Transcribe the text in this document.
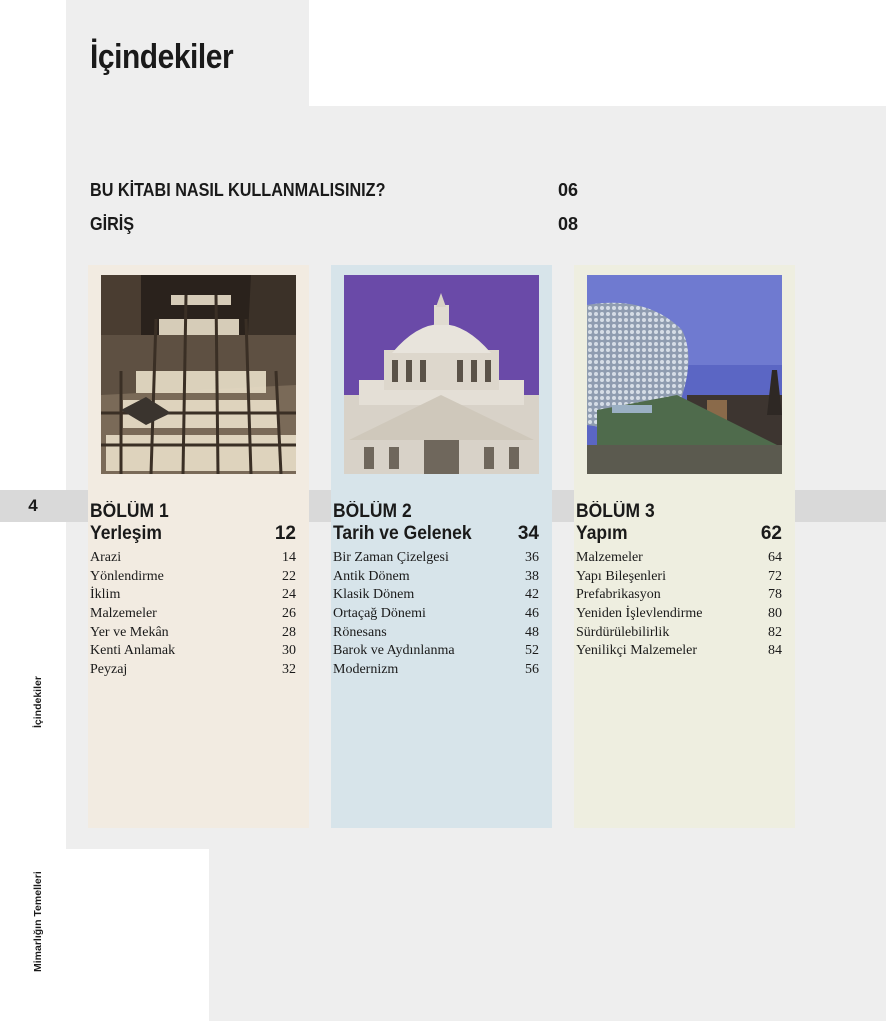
İçindekiler
BU KİTABI NASIL KULLANMALISINIZ?	06
GİRİŞ	08
4
İçindekiler
Mimarlığın Temelleri
BÖLÜM 1
Yerleşim	12
Arazi	14
Yönlendirme	22
İklim	24
Malzemeler	26
Yer ve Mekân	28
Kenti Anlamak	30
Peyzaj	32
BÖLÜM 2
Tarih ve Gelenek 34
Bir Zaman Çizelgesi	36
Antik Dönem	38
Klasik Dönem	42
Ortaçağ Dönemi	46
Rönesans	48
Barok ve Aydınlanma	52
Modernizm	56
BÖLÜM 3
Yapım	62
Malzemeler	64
Yapı Bileşenleri	72
Prefabrikasyon	78
Yeniden İşlevlendirme	80
Sürdürülebilirlik	82
Yenilikçi Malzemeler	84
